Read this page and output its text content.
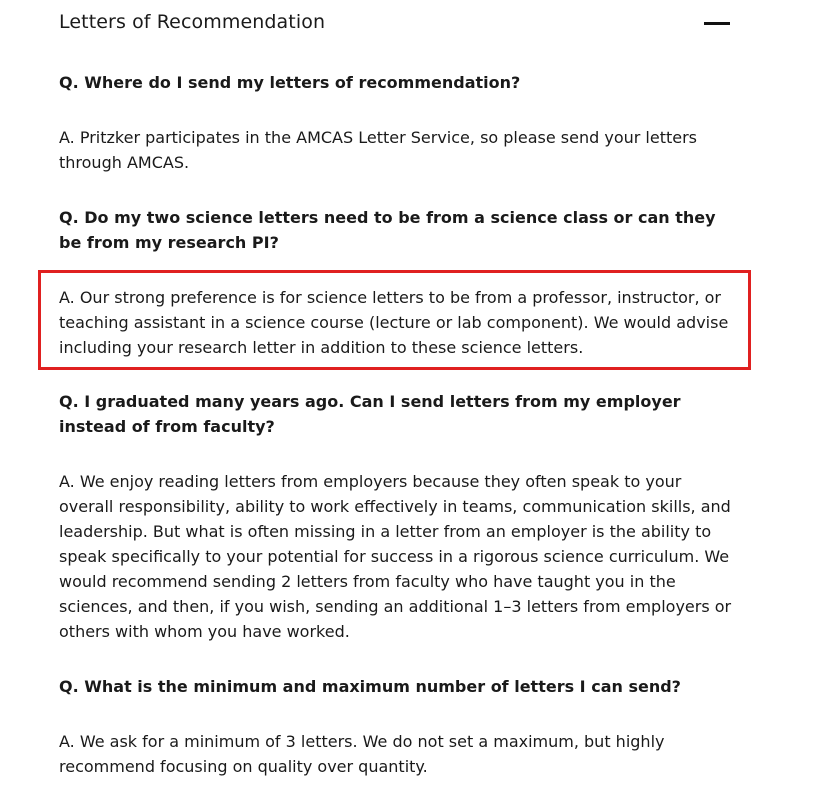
Letters of Recommendation

Q. Where do I send my letters of recommendation?

A. Pritzker participates in the AMCAS Letter Service, so please send your letters through AMCAS.

Q. Do my two science letters need to be from a science class or can they be from my research PI?

A. Our strong preference is for science letters to be from a professor, instructor, or teaching assistant in a science course (lecture or lab component). We would advise including your research letter in addition to these science letters.

Q. I graduated many years ago. Can I send letters from my employer instead of from faculty?

A. We enjoy reading letters from employers because they often speak to your overall responsibility, ability to work effectively in teams, communication skills, and leadership. But what is often missing in a letter from an employer is the ability to speak specifically to your potential for success in a rigorous science curriculum. We would recommend sending 2 letters from faculty who have taught you in the sciences, and then, if you wish, sending an additional 1–3 letters from employers or others with whom you have worked.

Q. What is the minimum and maximum number of letters I can send?

A. We ask for a minimum of 3 letters. We do not set a maximum, but highly recommend focusing on quality over quantity.
